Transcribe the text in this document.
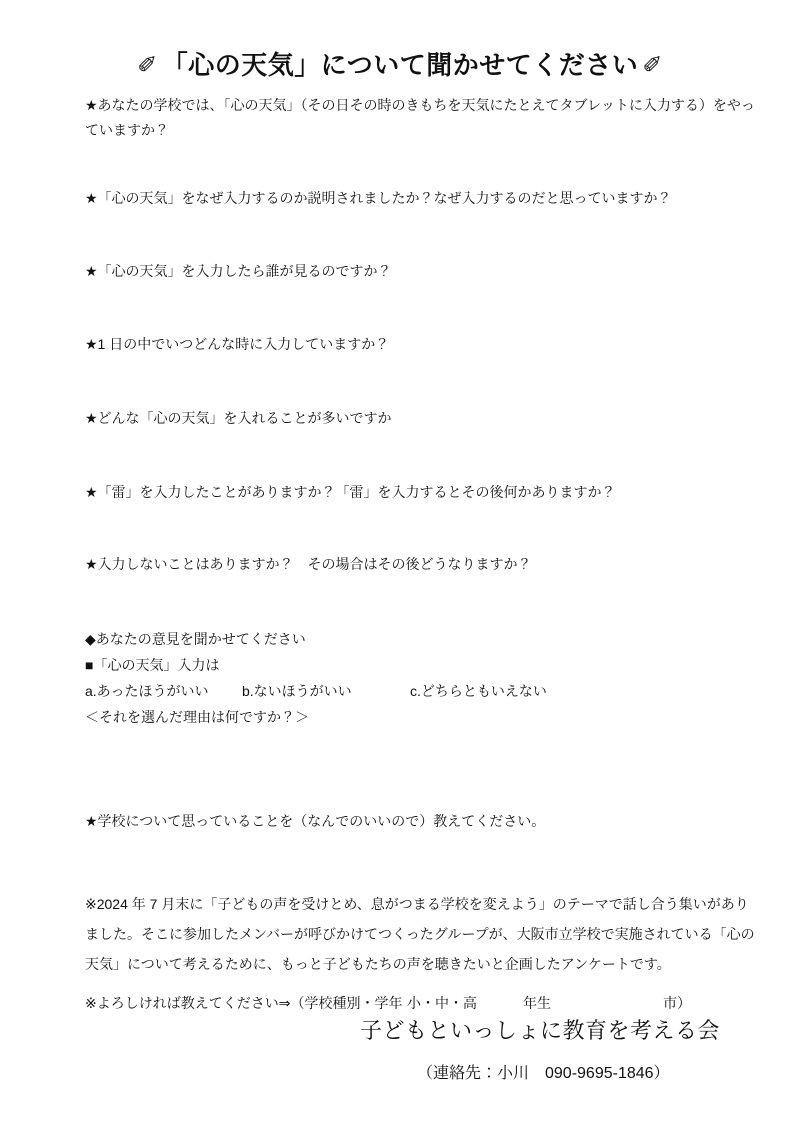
✐ 「心の天気」について聞かせてください ✐
★あなたの学校では、「心の天気」（その日その時のきもちを天気にたとえてタブレットに入力する）をやっていますか？
★「心の天気」をなぜ入力するのか説明されましたか？なぜ入力するのだと思っていますか？
★「心の天気」を入力したら誰が見るのですか？
★1 日の中でいつどんな時に入力していますか？
★どんな「心の天気」を入れることが多いですか
★「雷」を入力したことがありますか？「雷」を入力するとその後何かありますか？
★入力しないことはありますか？　その場合はその後どうなりますか？
◆あなたの意見を聞かせてください
■「心の天気」入力は
a.あったほうがいい b.ないほうがいい	c.どちらともいえない
＜それを選んだ理由は何ですか？＞
★学校について思っていることを（なんでのいいので）教えてください。
※2024 年 7 月末に「子どもの声を受けとめ、息がつまる学校を変えよう」のテーマで話し合う集いがありました。そこに参加したメンバーが呼びかけてつくったグループが、大阪市立学校で実施されている「心の天気」について考えるために、もっと子どもたちの声を聴きたいと企画したアンケートです。
※よろしければ教えてください⇒（学校種別・学年 小・中・高	年生	市）
子どもといっしょに教育を考える会
（連絡先：小川　090-9695-1846）
